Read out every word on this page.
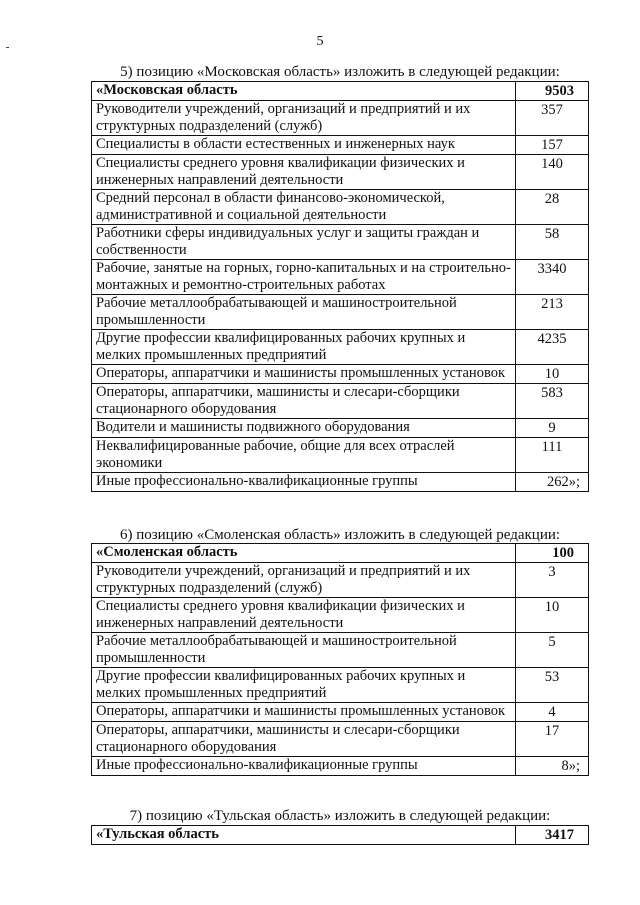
5
5) позицию «Московская область» изложить в следующей редакции:
«Московская область	9503
Руководители учреждений, организаций и предприятий и их структурных подразделений (служб)	357
Специалисты в области естественных и инженерных наук	157
Специалисты среднего уровня квалификации физических и инженерных направлений деятельности	140
Средний персонал в области финансово-экономической, административной и социальной деятельности	28
Работники сферы индивидуальных услуг и защиты граждан и собственности	58
Рабочие, занятые на горных, горно-капитальных и на строительно-монтажных и ремонтно-строительных работах	3340
Рабочие металлообрабатывающей и машиностроительной промышленности	213
Другие профессии квалифицированных рабочих крупных и мелких промышленных предприятий	4235
Операторы, аппаратчики и машинисты промышленных установок	10
Операторы, аппаратчики, машинисты и слесари-сборщики стационарного оборудования	583
Водители и машинисты подвижного оборудования	9
Неквалифицированные рабочие, общие для всех отраслей экономики	111
Иные профессионально-квалификационные группы	262»;
6) позицию «Смоленская область» изложить в следующей редакции:
«Смоленская область	100
Руководители учреждений, организаций и предприятий и их структурных подразделений (служб)	3
Специалисты среднего уровня квалификации физических и инженерных направлений деятельности	10
Рабочие металлообрабатывающей и машиностроительной промышленности	5
Другие профессии квалифицированных рабочих крупных и мелких промышленных предприятий	53
Операторы, аппаратчики и машинисты промышленных установок	4
Операторы, аппаратчики, машинисты и слесари-сборщики стационарного оборудования	17
Иные профессионально-квалификационные группы	8»;
7) позицию «Тульская область» изложить в следующей редакции:
«Тульская область	3417
